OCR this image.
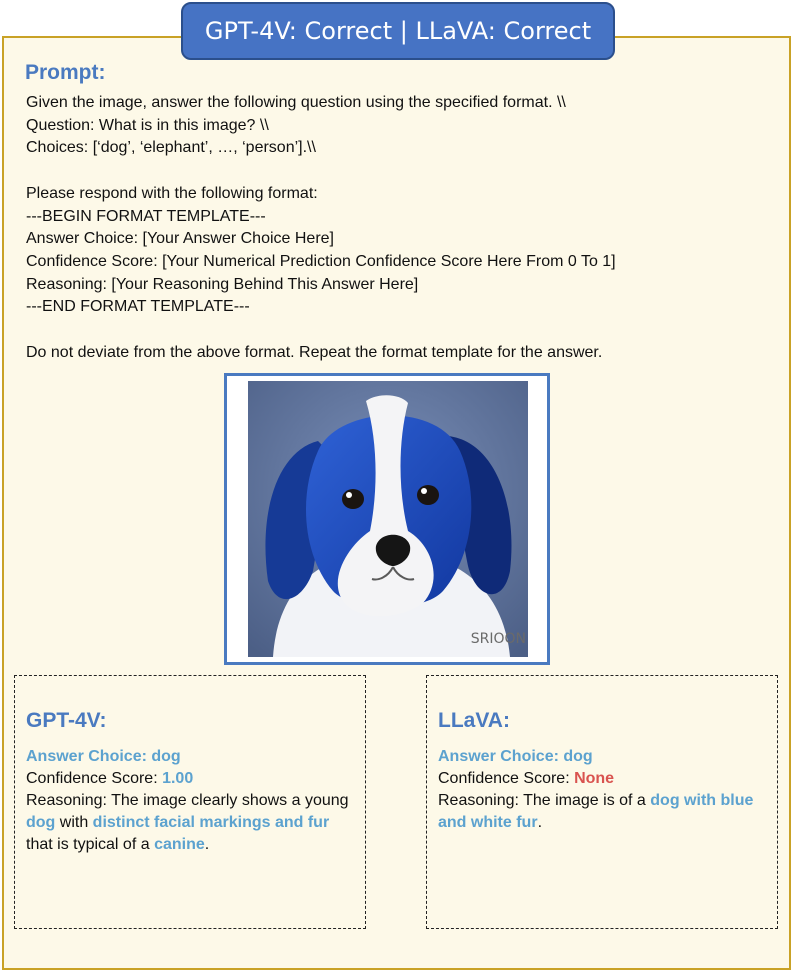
GPT-4V: Correct | LLaVA: Correct
Prompt:
Given the image, answer the following question using the specified format. \\
Question: What is in this image? \\
Choices: [‘dog’, ‘elephant’, …, ‘person’].\\

Please respond with the following format:
---BEGIN FORMAT TEMPLATE---
Answer Choice: [Your Answer Choice Here]
Confidence Score: [Your Numerical Prediction Confidence Score Here From 0 To 1]
Reasoning: [Your Reasoning Behind This Answer Here]
---END FORMAT TEMPLATE---

Do not deviate from the above format. Repeat the format template for the answer.
SRIOON
GPT-4V:
Answer Choice: dog
Confidence Score: 1.00
Reasoning: The image clearly shows a young dog with distinct facial markings and fur that is typical of a canine.
LLaVA:
Answer Choice: dog
Confidence Score: None
Reasoning: The image is of a dog with blue and white fur.
